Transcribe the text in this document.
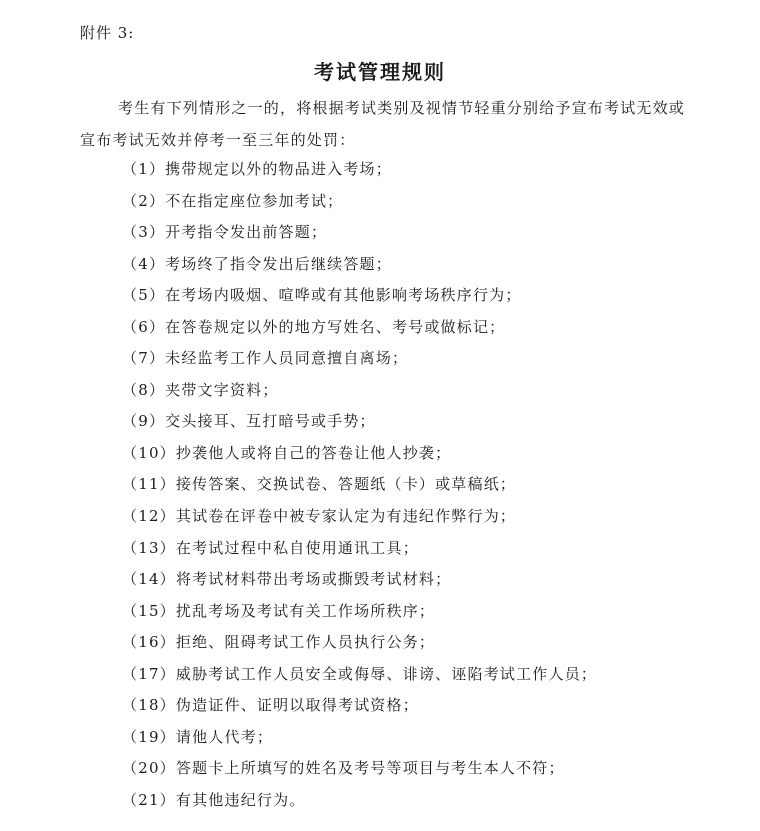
附件 3:
考试管理规则
考生有下列情形之一的，将根据考试类别及视情节轻重分别给予宣布考试无效或宣布考试无效并停考一至三年的处罚：
（1）携带规定以外的物品进入考场；
（2）不在指定座位参加考试；
（3）开考指令发出前答题；
（4）考场终了指令发出后继续答题；
（5）在考场内吸烟、喧哗或有其他影响考场秩序行为；
（6）在答卷规定以外的地方写姓名、考号或做标记；
（7）未经监考工作人员同意擅自离场；
（8）夹带文字资料；
（9）交头接耳、互打暗号或手势；
（10）抄袭他人或将自己的答卷让他人抄袭；
（11）接传答案、交换试卷、答题纸（卡）或草稿纸；
（12）其试卷在评卷中被专家认定为有违纪作弊行为；
（13）在考试过程中私自使用通讯工具；
（14）将考试材料带出考场或撕毁考试材料；
（15）扰乱考场及考试有关工作场所秩序；
（16）拒绝、阻碍考试工作人员执行公务；
（17）威胁考试工作人员安全或侮辱、诽谤、诬陷考试工作人员；
（18）伪造证件、证明以取得考试资格；
（19）请他人代考；
（20）答题卡上所填写的姓名及考号等项目与考生本人不符；
（21）有其他违纪行为。
